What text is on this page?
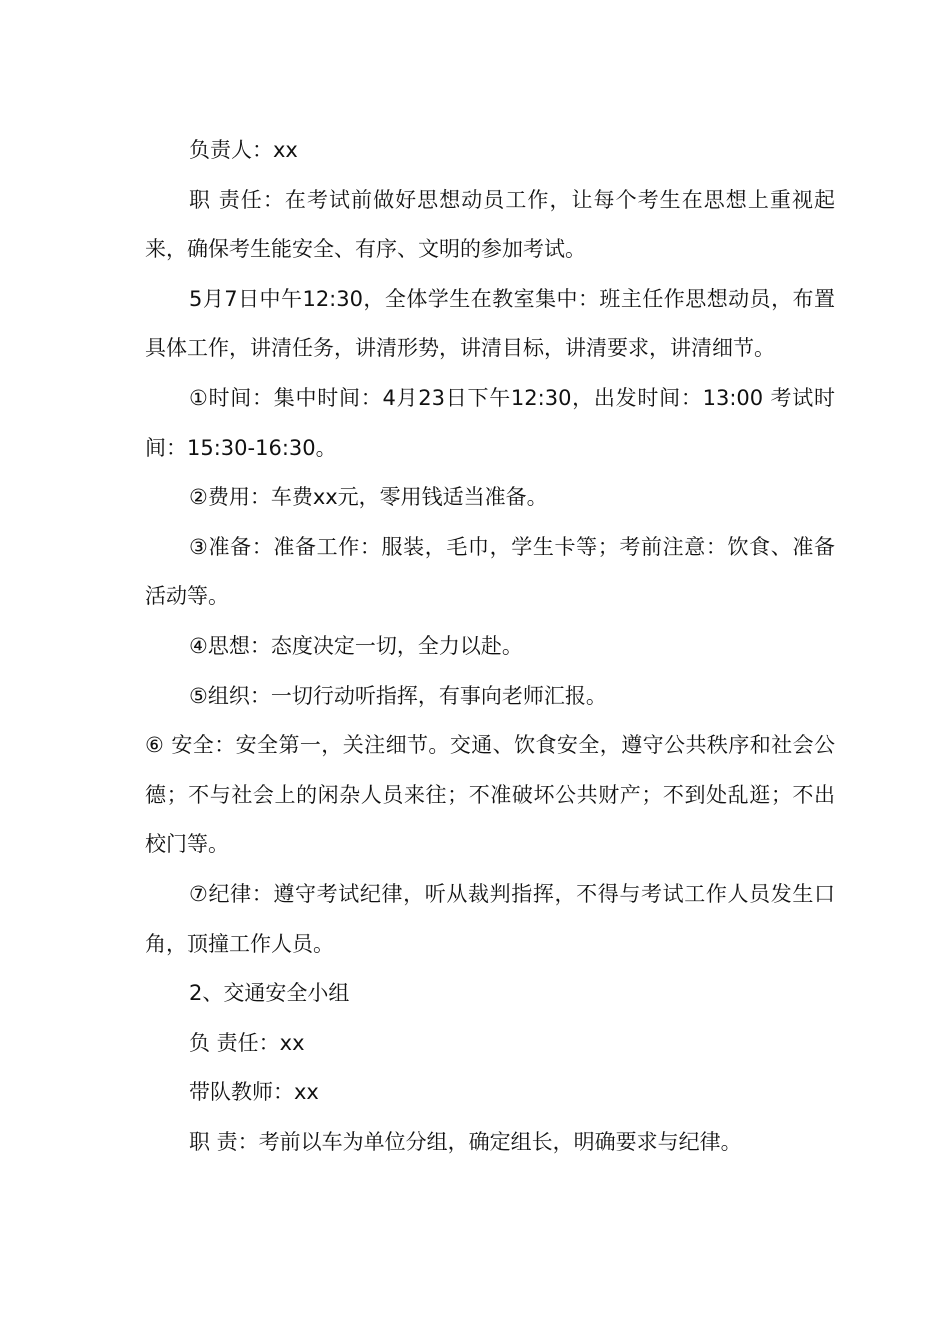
负责人：xx

职 责任：在考试前做好思想动员工作，让每个考生在思想上重视起来，确保考生能安全、有序、文明的参加考试。

5月7日中午12:30，全体学生在教室集中：班主任作思想动员，布置具体工作，讲清任务，讲清形势，讲清目标，讲清要求，讲清细节。

①时间：集中时间：4月23日下午12:30，出发时间：13:00 考试时间：15:30-16:30。

②费用：车费xx元，零用钱适当准备。

③准备：准备工作：服装，毛巾，学生卡等；考前注意：饮食、准备活动等。

④思想：态度决定一切，全力以赴。

⑤组织：一切行动听指挥，有事向老师汇报。

⑥ 安全：安全第一，关注细节。交通、饮食安全，遵守公共秩序和社会公德；不与社会上的闲杂人员来往；不准破坏公共财产；不到处乱逛；不出校门等。

⑦纪律：遵守考试纪律，听从裁判指挥，不得与考试工作人员发生口角，顶撞工作人员。

2、交通安全小组

负 责任：xx

带队教师：xx

职 责：考前以车为单位分组，确定组长，明确要求与纪律。
